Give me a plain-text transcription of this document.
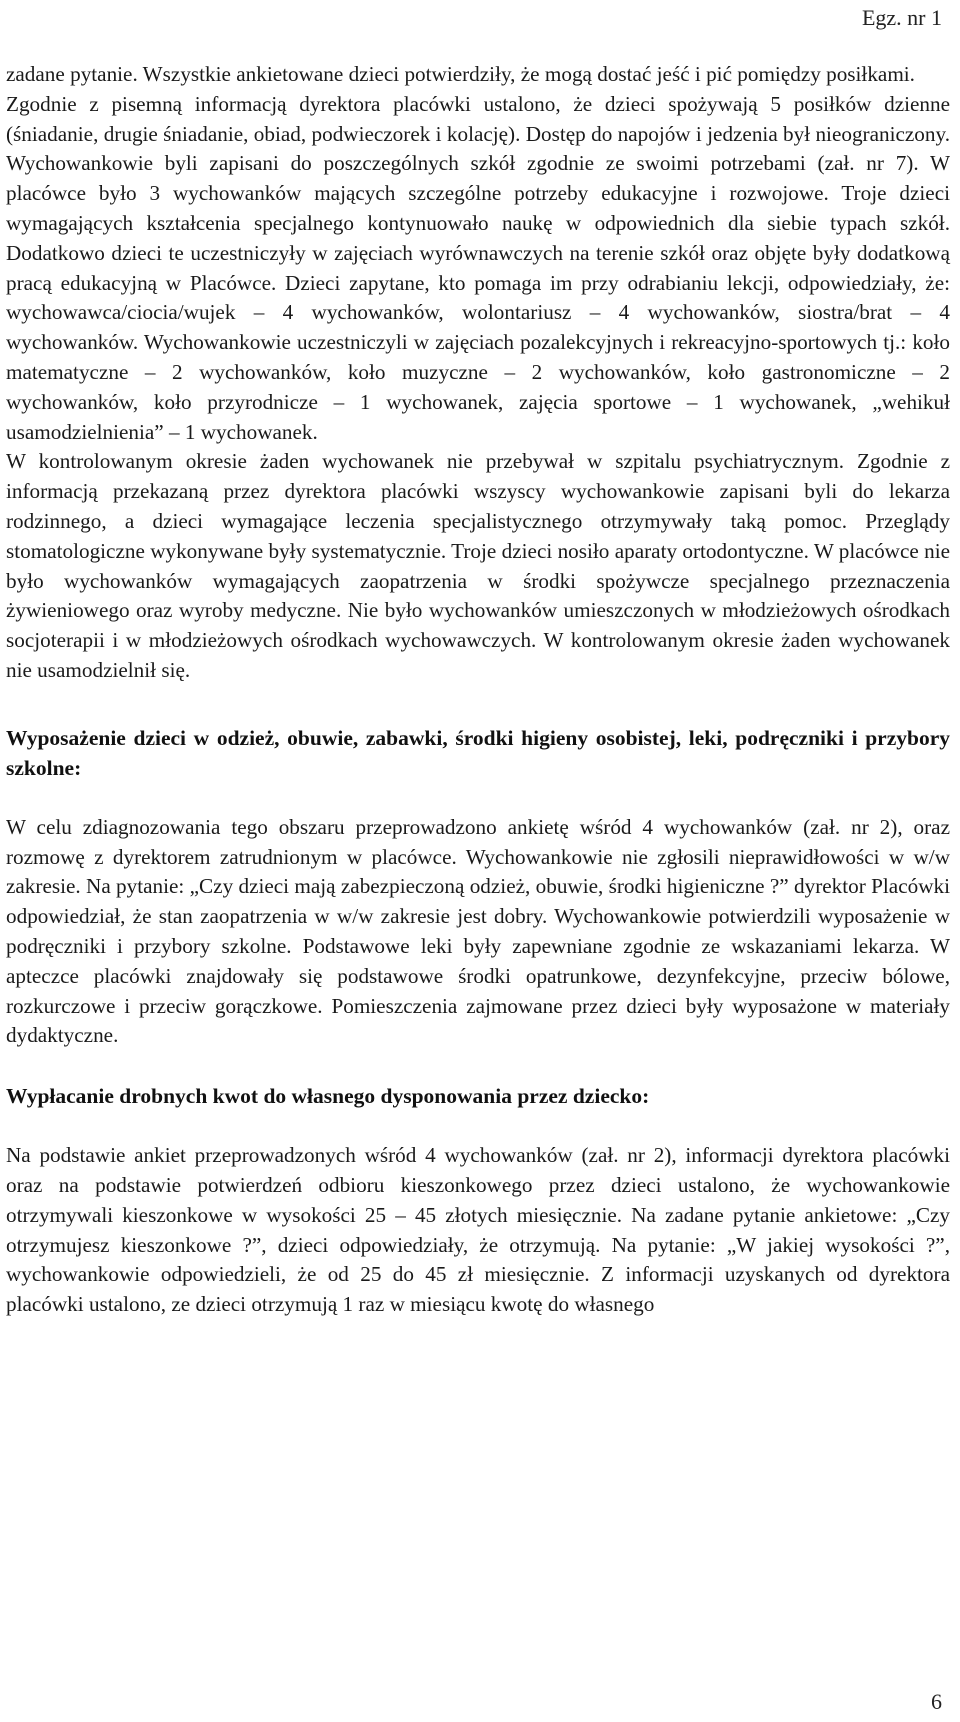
Egz. nr 1

zadane pytanie. Wszystkie ankietowane dzieci potwierdziły, że mogą dostać jeść i pić pomiędzy posiłkami.

Zgodnie z pisemną informacją dyrektora placówki ustalono, że dzieci spożywają 5 posiłków dzienne (śniadanie, drugie śniadanie, obiad, podwieczorek i kolację). Dostęp do napojów i jedzenia był nieograniczony. Wychowankowie byli zapisani do poszczególnych szkół zgodnie ze swoimi potrzebami (zał. nr 7). W placówce było 3 wychowanków mających szczególne potrzeby edukacyjne i rozwojowe. Troje dzieci wymagających kształcenia specjalnego kontynuowało naukę w odpowiednich dla siebie typach szkół. Dodatkowo dzieci te uczestniczyły w zajęciach wyrównawczych na terenie szkół oraz objęte były dodatkową pracą edukacyjną w Placówce. Dzieci zapytane, kto pomaga im przy odrabianiu lekcji, odpowiedziały, że: wychowawca/ciocia/wujek – 4 wychowanków, wolontariusz – 4 wychowanków, siostra/brat – 4 wychowanków. Wychowankowie uczestniczyli w zajęciach pozalekcyjnych i rekreacyjno-sportowych tj.: koło matematyczne – 2 wychowanków, koło muzyczne – 2 wychowanków, koło gastronomiczne – 2 wychowanków, koło przyrodnicze – 1 wychowanek, zajęcia sportowe – 1 wychowanek, „wehikuł usamodzielnienia” – 1 wychowanek.

W kontrolowanym okresie żaden wychowanek nie przebywał w szpitalu psychiatrycznym. Zgodnie z informacją przekazaną przez dyrektora placówki wszyscy wychowankowie zapisani byli do lekarza rodzinnego, a dzieci wymagające leczenia specjalistycznego otrzymywały taką pomoc. Przeglądy stomatologiczne wykonywane były systematycznie. Troje dzieci nosiło aparaty ortodontyczne. W placówce nie było wychowanków wymagających zaopatrzenia w środki spożywcze specjalnego przeznaczenia żywieniowego oraz wyroby medyczne. Nie było wychowanków umieszczonych w młodzieżowych ośrodkach socjoterapii i w młodzieżowych ośrodkach wychowawczych. W kontrolowanym okresie żaden wychowanek nie usamodzielnił się.

Wyposażenie dzieci w odzież, obuwie, zabawki, środki higieny osobistej, leki, podręczniki i przybory szkolne:

W celu zdiagnozowania tego obszaru przeprowadzono ankietę wśród 4 wychowanków (zał. nr 2), oraz rozmowę z dyrektorem zatrudnionym w placówce. Wychowankowie nie zgłosili nieprawidłowości w w/w zakresie. Na pytanie: „Czy dzieci mają zabezpieczoną odzież, obuwie, środki higieniczne ?” dyrektor Placówki odpowiedział, że stan zaopatrzenia w w/w zakresie jest dobry. Wychowankowie potwierdzili wyposażenie w podręczniki i przybory szkolne. Podstawowe leki były zapewniane zgodnie ze wskazaniami lekarza. W apteczce placówki znajdowały się podstawowe środki opatrunkowe, dezynfekcyjne, przeciw bólowe, rozkurczowe i przeciw gorączkowe. Pomieszczenia zajmowane przez dzieci były wyposażone w materiały dydaktyczne.

Wypłacanie drobnych kwot do własnego dysponowania przez dziecko:

Na podstawie ankiet przeprowadzonych wśród 4 wychowanków (zał. nr 2), informacji dyrektora placówki oraz na podstawie potwierdzeń odbioru kieszonkowego przez dzieci ustalono, że wychowankowie otrzymywali kieszonkowe w wysokości 25 – 45 złotych miesięcznie. Na zadane pytanie ankietowe: „Czy otrzymujesz kieszonkowe ?”, dzieci odpowiedziały, że otrzymują. Na pytanie: „W jakiej wysokości ?”, wychowankowie odpowiedzieli, że od 25 do 45 zł miesięcznie. Z informacji uzyskanych od dyrektora placówki ustalono, ze dzieci otrzymują 1 raz w miesiącu kwotę do własnego

6
